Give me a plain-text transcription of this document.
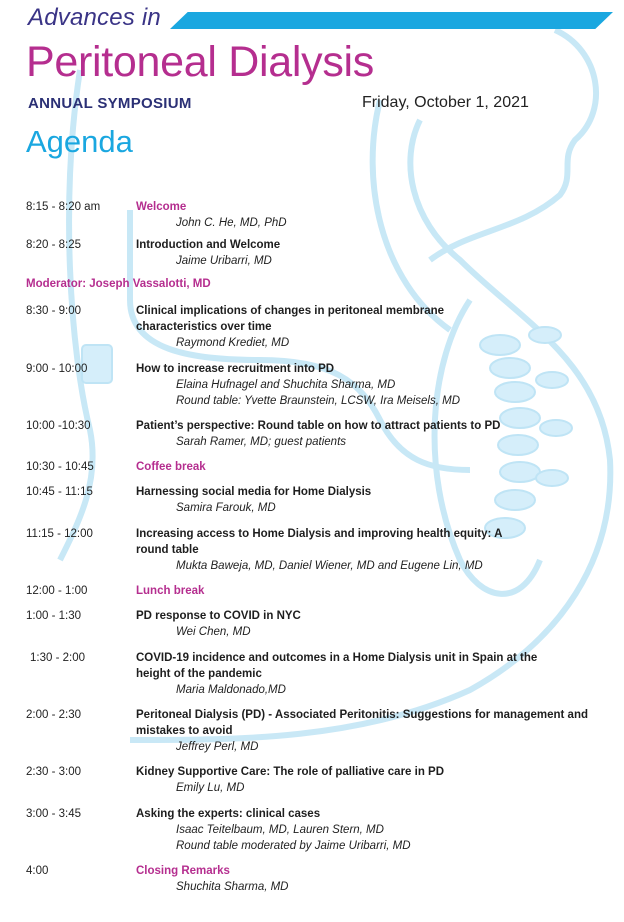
Advances in
Peritoneal Dialysis
ANNUAL SYMPOSIUM	Friday, October 1, 2021
Agenda
8:15 - 8:20 am	Welcome
John C. He, MD, PhD
8:20 - 8:25	Introduction and Welcome
Jaime Uribarri, MD
Moderator: Joseph Vassalotti, MD
8:30 - 9:00	Clinical implications of changes in peritoneal membrane characteristics over time
Raymond Krediet, MD
9:00 - 10:00	How to increase recruitment into PD
Elaina Hufnagel and Shuchita Sharma, MD
Round table: Yvette Braunstein, LCSW, Ira Meisels, MD
10:00 -10:30	Patient’s perspective: Round table on how to attract patients to PD
Sarah Ramer, MD; guest patients
10:30 - 10:45	Coffee break
10:45 - 11:15	Harnessing social media for Home Dialysis
Samira Farouk, MD
11:15 - 12:00	Increasing access to Home Dialysis and improving health equity: A round table
Mukta Baweja, MD, Daniel Wiener, MD and Eugene Lin, MD
12:00 - 1:00	Lunch break
1:00 - 1:30	PD response to COVID in NYC
Wei Chen, MD
1:30 - 2:00	COVID-19 incidence and outcomes in a Home Dialysis unit in Spain at the height of the pandemic
Maria Maldonado,MD
2:00 - 2:30	Peritoneal Dialysis (PD) - Associated Peritonitis: Suggestions for management and mistakes to avoid
Jeffrey Perl, MD
2:30 - 3:00	Kidney Supportive Care: The role of palliative care in PD
Emily Lu, MD
3:00 - 3:45	Asking the experts: clinical cases
Isaac Teitelbaum, MD, Lauren Stern, MD
Round table moderated by Jaime Uribarri, MD
4:00	Closing Remarks
Shuchita Sharma, MD
